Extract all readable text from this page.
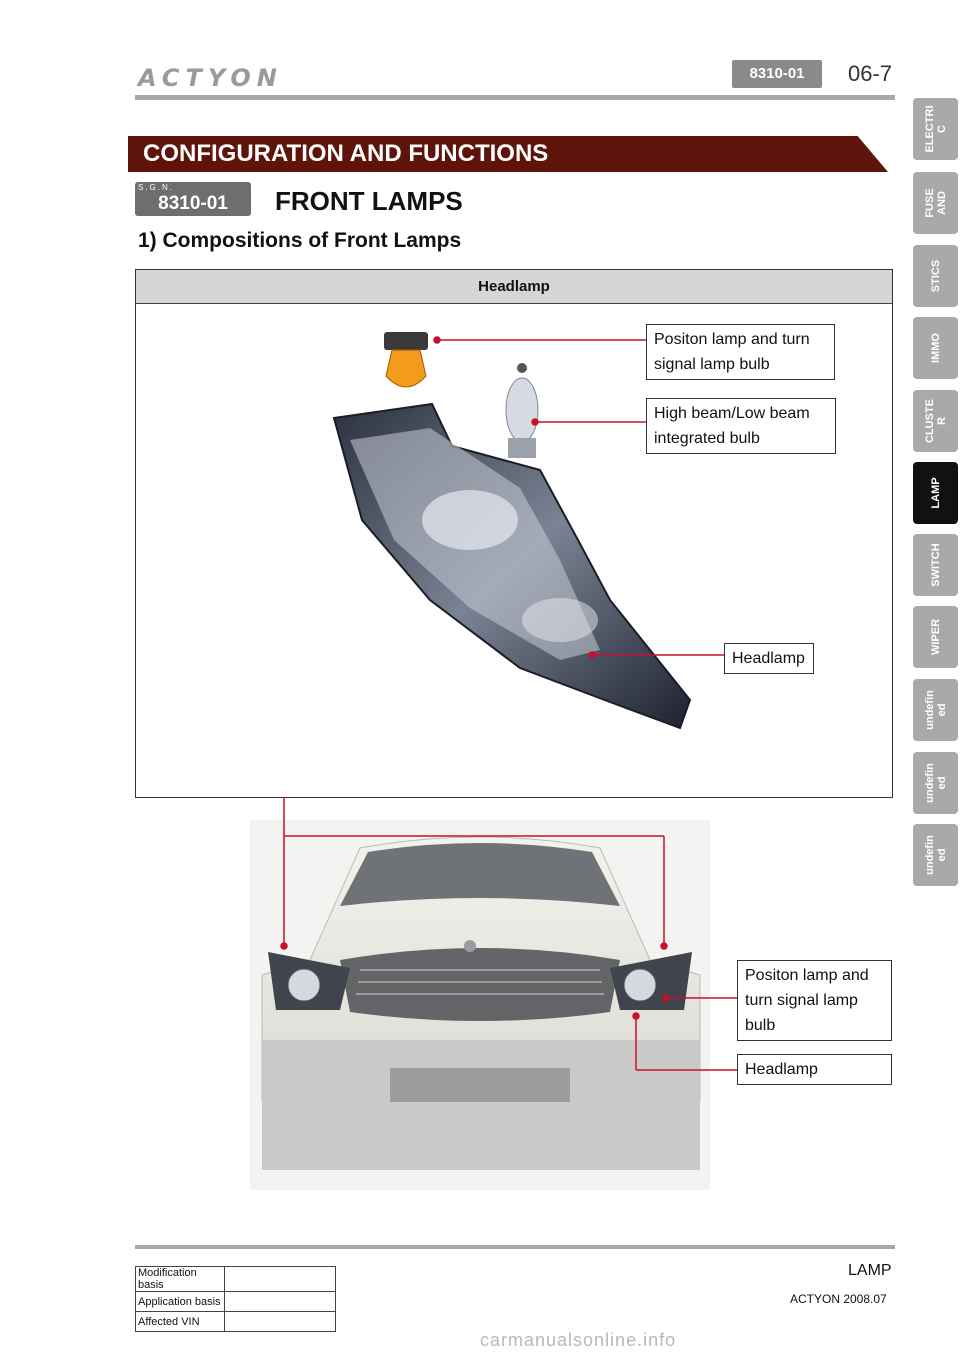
ACTYON	8310-01	06-7
ELECTRI
C
FUSE
AND
STICS
IMMO
CLUSTE
R
LAMP
SWITCH
WIPER
undefin
ed
undefin
ed
undefin
ed
CONFIGURATION AND FUNCTIONS
S.G.N.
8310-01	FRONT LAMPS
1) Compositions of Front Lamps
Headlamp
Positon lamp and turn signal lamp bulb
High beam/Low beam integrated bulb
Headlamp
Positon lamp and turn signal lamp bulb
Headlamp
LAMP
ACTYON 2008.07
Modification basis	
Application basis	
Affected VIN	
carmanualsonline.info
